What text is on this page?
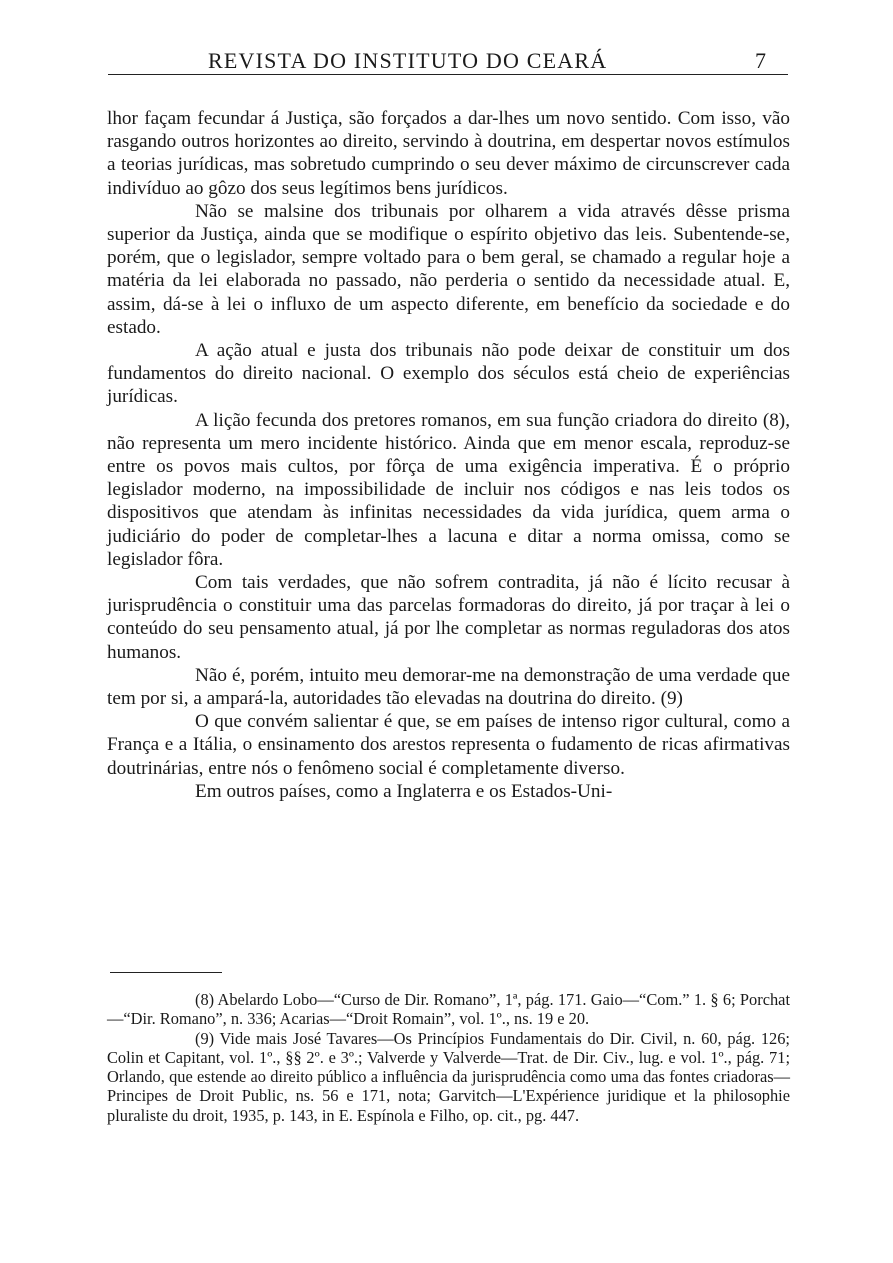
REVISTA DO INSTITUTO DO CEARÁ	7

lhor façam fecundar á Justiça, são forçados a dar-lhes um novo sentido. Com isso, vão rasgando outros horizontes ao direito, servindo à doutrina, em despertar novos estímulos a teorias jurídicas, mas sobretudo cumprindo o seu dever máximo de circunscrever cada indivíduo ao gôzo dos seus legítimos bens jurídicos.

Não se malsine dos tribunais por olharem a vida através dêsse prisma superior da Justiça, ainda que se modifique o espírito objetivo das leis. Subentende-se, porém, que o legislador, sempre voltado para o bem geral, se chamado a regular hoje a matéria da lei elaborada no passado, não perderia o sentido da necessidade atual. E, assim, dá-se à lei o influxo de um aspecto diferente, em benefício da sociedade e do estado.

A ação atual e justa dos tribunais não pode deixar de constituir um dos fundamentos do direito nacional. O exemplo dos séculos está cheio de experiências jurídicas.

A lição fecunda dos pretores romanos, em sua função criadora do direito (8), não representa um mero incidente histórico. Ainda que em menor escala, reproduz-se entre os povos mais cultos, por fôrça de uma exigência imperativa. É o próprio legislador moderno, na impossibilidade de incluir nos códigos e nas leis todos os dispositivos que atendam às infinitas necessidades da vida jurídica, quem arma o judiciário do poder de completar-lhes a lacuna e ditar a norma omissa, como se legislador fôra.

Com tais verdades, que não sofrem contradita, já não é lícito recusar à jurisprudência o constituir uma das parcelas formadoras do direito, já por traçar à lei o conteúdo do seu pensamento atual, já por lhe completar as normas reguladoras dos atos humanos.

Não é, porém, intuito meu demorar-me na demonstração de uma verdade que tem por si, a ampará-la, autoridades tão elevadas na doutrina do direito. (9)

O que convém salientar é que, se em países de intenso rigor cultural, como a França e a Itália, o ensinamento dos arestos representa o fudamento de ricas afirmativas doutrinárias, entre nós o fenômeno social é completamente diverso.

Em outros países, como a Inglaterra e os Estados-Uni-

(8) Abelardo Lobo—“Curso de Dir. Romano”, 1ª, pág. 171. Gaio—“Com.” 1. § 6; Porchat—“Dir. Romano”, n. 336; Acarias—“Droit Romain”, vol. 1º., ns. 19 e 20.

(9) Vide mais José Tavares—Os Princípios Fundamentais do Dir. Civil, n. 60, pág. 126; Colin et Capitant, vol. 1º., §§ 2º. e 3º.; Valverde y Valverde—Trat. de Dir. Civ., lug. e vol. 1º., pág. 71; Orlando, que estende ao direito público a influência da jurisprudência como uma das fontes criadoras—Principes de Droit Public, ns. 56 e 171, nota; Garvitch—L'Expérience juridique et la philosophie pluraliste du droit, 1935, p. 143, in E. Espínola e Filho, op. cit., pg. 447.
